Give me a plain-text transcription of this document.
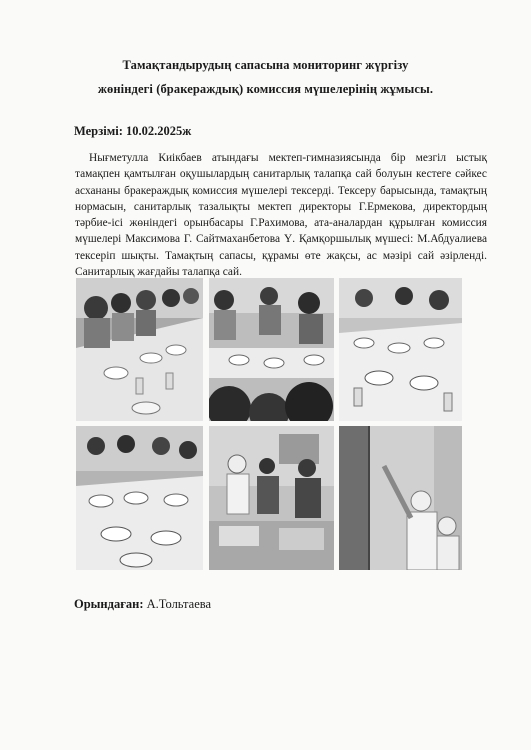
Тамақтандырудың сапасына мониторинг жүргізу
жөніндегі (бракераждық) комиссия мүшелерінің жұмысы.
Мерзімі: 10.02.2025ж
Нығметулла Киікбаев атындағы мектеп-гимназиясында бір мезгіл ыстық тамақпен қамтылған оқушылардың санитарлық талапқа сай болуын кестеге сәйкес асхананы бракераждық комиссия мүшелері тексерді. Тексеру барысында, тамақтың нормасын, санитарлық тазалықты мектеп директоры Г.Ермекова, директордың тәрбие-ісі жөніндегі орынбасары Г.Рахимова, ата-аналардан құрылған комиссия мүшелері Максимова Г. Сайтмаханбетова Ү. Қамқоршылық мүшесі: М.Абдуалиева тексеріп шықты. Тамақтың сапасы, құрамы өте жақсы, ас мәзірі сай әзірленді. Санитарлық жағдайы талапқа сай.
Орындаған: А.Тольтаева
